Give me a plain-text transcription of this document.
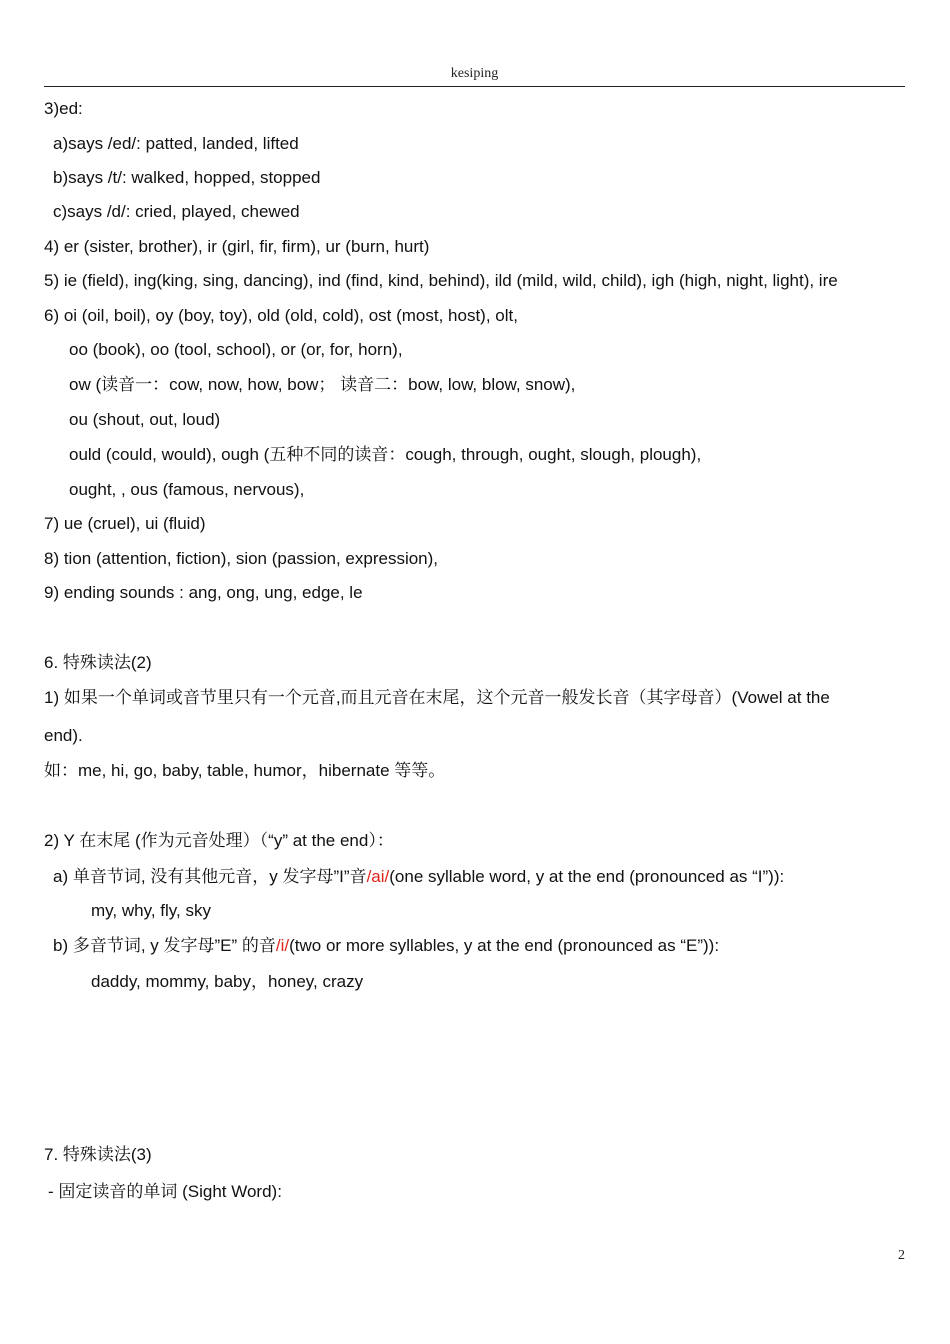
kesiping
3)ed:
a)says /ed/: patted, landed, lifted
b)says /t/: walked, hopped, stopped
c)says /d/: cried, played, chewed
4) er (sister, brother), ir (girl, fir, firm), ur (burn, hurt)
5) ie (field), ing(king, sing, dancing), ind (find, kind, behind), ild (mild, wild, child), igh (high, night, light), ire
6) oi (oil, boil), oy (boy, toy), old (old, cold), ost (most, host), olt,
oo (book), oo (tool, school), or (or, for, horn),
ow (读音一：cow, now, how, bow； 读音二：bow, low, blow, snow),
ou (shout, out, loud)
ould (could, would), ough (五种不同的读音：cough, through, ought, slough, plough),
ought, , ous (famous, nervous),
7) ue (cruel), ui (fluid)
8) tion (attention, fiction), sion (passion, expression),
9) ending sounds : ang, ong, ung, edge, le
6. 特殊读法(2)
1) 如果一个单词或音节里只有一个元音,而且元音在末尾，这个元音一般发长音（其字母音）(Vowel at the
end).
如：me, hi, go, baby, table, humor，hibernate 等等。
2) Y 在末尾 (作为元音处理）（“y” at the end）：
a) 单音节词, 没有其他元音，y 发字母”I”音/ai/(one syllable word, y at the end (pronounced as “I”)):
my, why, fly, sky
b) 多音节词, y 发字母”E” 的音/i/(two or more syllables, y at the end (pronounced as “E”)):
daddy, mommy, baby，honey, crazy
7. 特殊读法(3)
- 固定读音的单词 (Sight Word):
2
